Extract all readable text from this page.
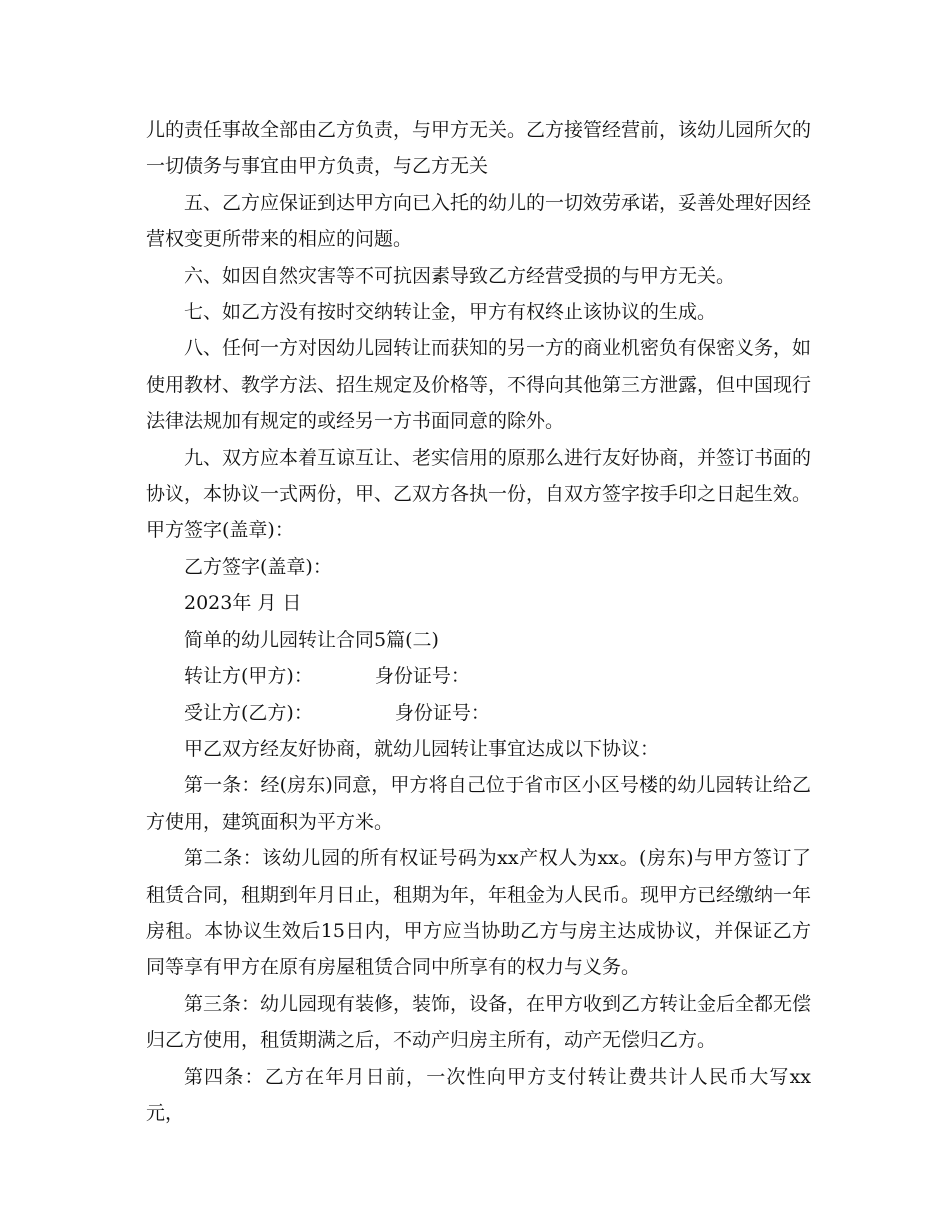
儿的责任事故全部由乙方负责，与甲方无关。乙方接管经营前，该幼儿园所欠的一切债务与事宜由甲方负责，与乙方无关

五、乙方应保证到达甲方向已入托的幼儿的一切效劳承诺，妥善处理好因经营权变更所带来的相应的问题。

六、如因自然灾害等不可抗因素导致乙方经营受损的与甲方无关。

七、如乙方没有按时交纳转让金，甲方有权终止该协议的生成。

八、任何一方对因幼儿园转让而获知的另一方的商业机密负有保密义务，如使用教材、教学方法、招生规定及价格等，不得向其他第三方泄露，但中国现行法律法规加有规定的或经另一方书面同意的除外。

九、双方应本着互谅互让、老实信用的原那么进行友好协商，并签订书面的协议，本协议一式两份，甲、乙双方各执一份，自双方签字按手印之日起生效。

甲方签字(盖章)：

乙方签字(盖章)：

2023年 月 日

简单的幼儿园转让合同5篇(二)

转让方(甲方)：	身份证号：

受让方(乙方)：	身份证号：

甲乙双方经友好协商，就幼儿园转让事宜达成以下协议：

第一条：经(房东)同意，甲方将自己位于省市区小区号楼的幼儿园转让给乙方使用，建筑面积为平方米。

第二条：该幼儿园的所有权证号码为xx产权人为xx。(房东)与甲方签订了租赁合同，租期到年月日止，租期为年，年租金为人民币。现甲方已经缴纳一年房租。本协议生效后15日内，甲方应当协助乙方与房主达成协议，并保证乙方同等享有甲方在原有房屋租赁合同中所享有的权力与义务。

第三条：幼儿园现有装修，装饰，设备，在甲方收到乙方转让金后全都无偿归乙方使用，租赁期满之后，不动产归房主所有，动产无偿归乙方。

第四条：乙方在年月日前，一次性向甲方支付转让费共计人民币大写xx元，
